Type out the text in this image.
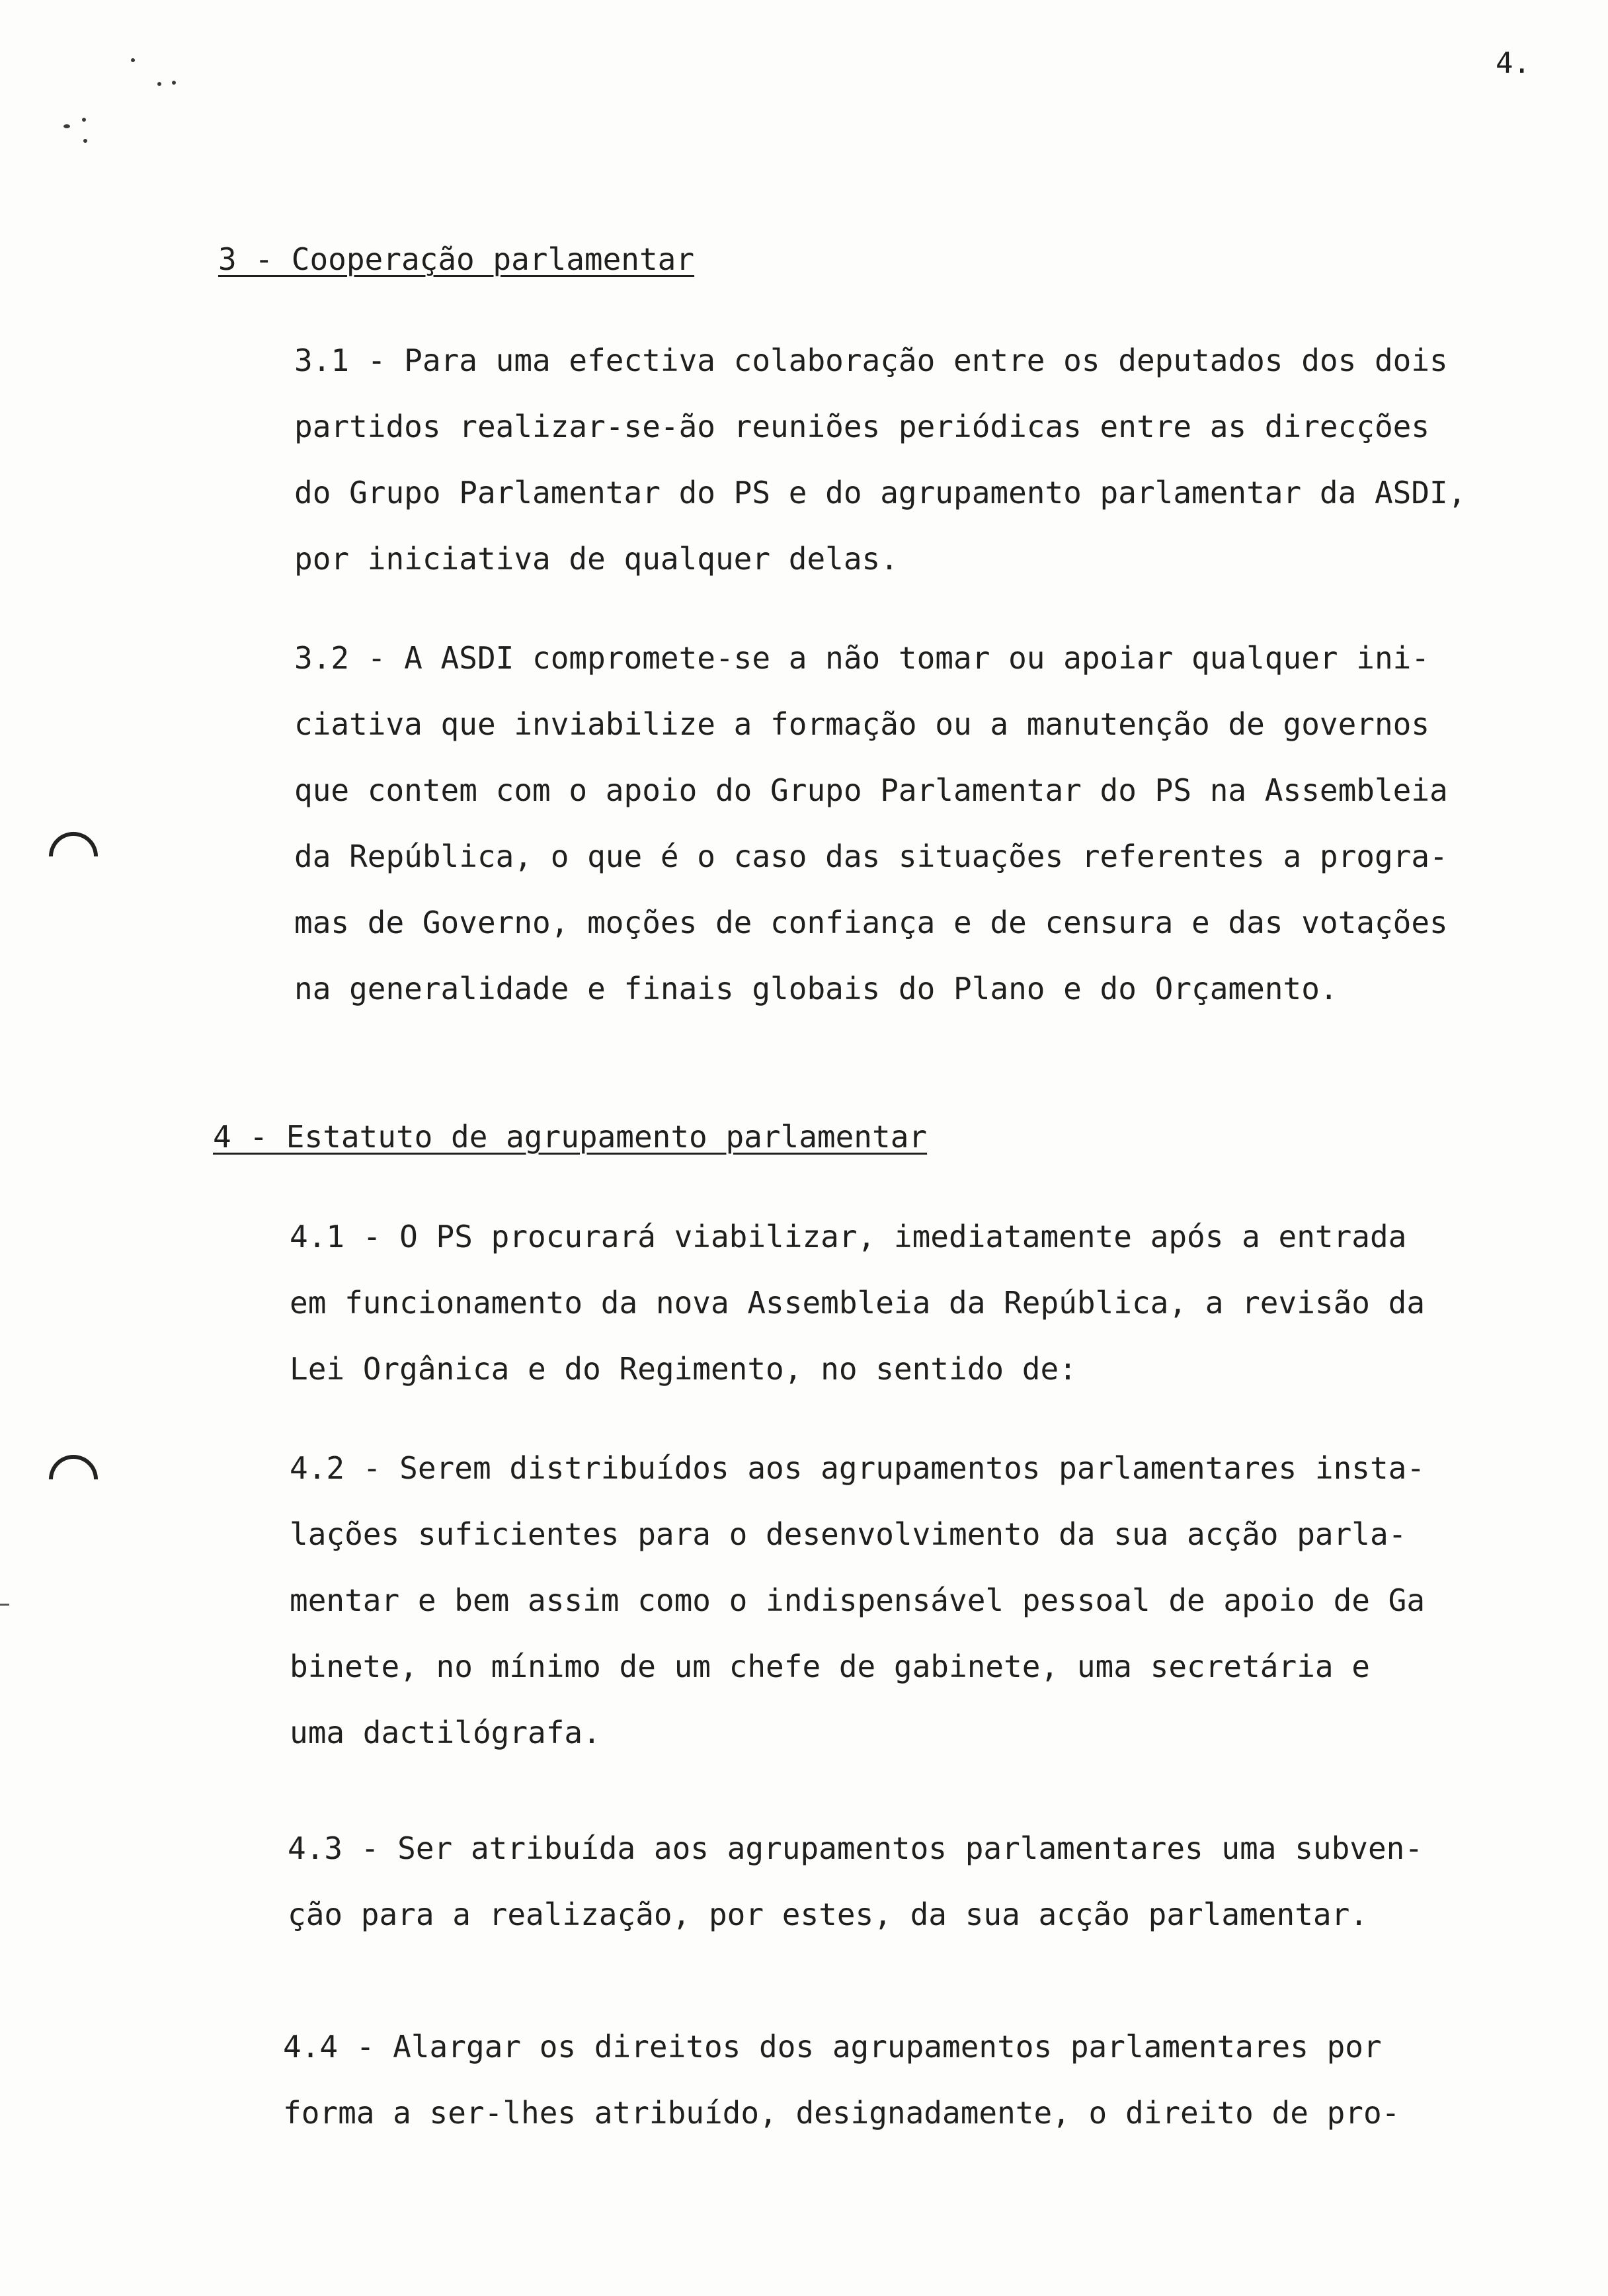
4.
3 - Cooperação parlamentar
3.1 - Para uma efectiva colaboração entre os deputados dos dois
partidos realizar-se-ão reuniões periódicas entre as direcções
do Grupo Parlamentar do PS e do agrupamento parlamentar da ASDI,
por iniciativa de qualquer delas.
3.2 - A ASDI compromete-se a não tomar ou apoiar qualquer ini-
ciativa que inviabilize a formação ou a manutenção de governos
que contem com o apoio do Grupo Parlamentar do PS na Assembleia
da República, o que é o caso das situações referentes a progra-
mas de Governo, moções de confiança e de censura e das votações
na generalidade e finais globais do Plano e do Orçamento.
4 - Estatuto de agrupamento parlamentar
4.1 - O PS procurará viabilizar, imediatamente após a entrada
em funcionamento da nova Assembleia da República, a revisão da
Lei Orgânica e do Regimento, no sentido de:
4.2 - Serem distribuídos aos agrupamentos parlamentares insta-
lações suficientes para o desenvolvimento da sua acção parla-
mentar e bem assim como o indispensável pessoal de apoio de Ga
binete, no mínimo de um chefe de gabinete, uma secretária e
uma dactilógrafa.
4.3 - Ser atribuída aos agrupamentos parlamentares uma subven-
ção para a realização, por estes, da sua acção parlamentar.
4.4 - Alargar os direitos dos agrupamentos parlamentares por
forma a ser-lhes atribuído, designadamente, o direito de pro-
